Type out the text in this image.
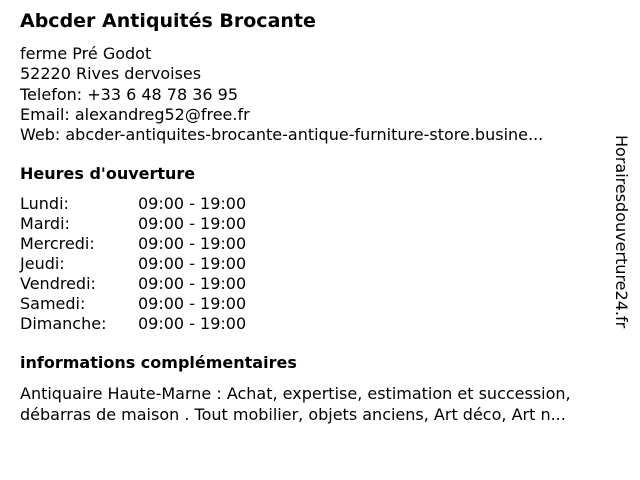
Abcder Antiquités Brocante
ferme Pré Godot
52220 Rives dervoises
Telefon: +33 6 48 78 36 95
Email: alexandreg52@free.fr
Web: abcder-antiquites-brocante-antique-furniture-store.busine...
Heures d'ouverture
Lundi:	09:00 - 19:00
Mardi:	09:00 - 19:00
Mercredi:	09:00 - 19:00
Jeudi:	09:00 - 19:00
Vendredi:	09:00 - 19:00
Samedi:	09:00 - 19:00
Dimanche: 09:00 - 19:00
informations complémentaires
Antiquaire Haute-Marne : Achat, expertise, estimation et succession,
débarras de maison . Tout mobilier, objets anciens, Art déco, Art n...
Horairesdouverture24.fr
